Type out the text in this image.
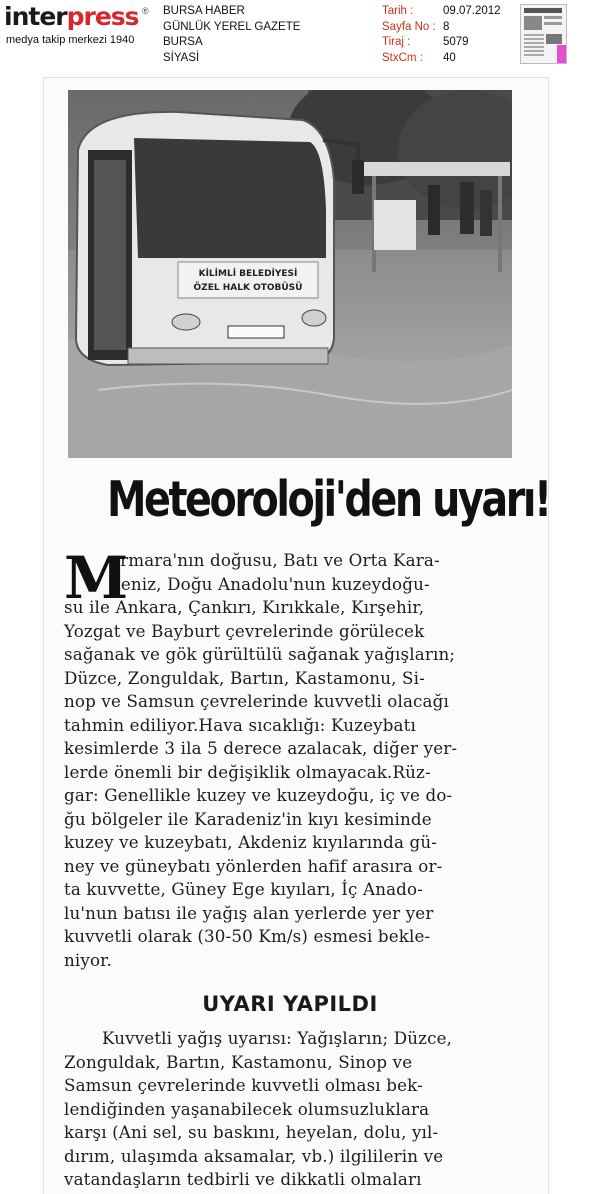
interpress ®
medya takip merkezi 1940
BURSA HABER
GÜNLÜK YEREL GAZETE
BURSA
SİYASİ
Tarih :
Sayfa No :
Tiraj :
StxCm :
09.07.2012
8
5079
40
KİLİMLİ BELEDİYESİ
ÖZEL HALK OTOBÜSÜ
Meteoroloji'den uyarı!
M
armara'nın doğusu, Batı ve Orta Kara-
deniz, Doğu Anadolu'nun kuzeydoğu-
su ile Ankara, Çankırı, Kırıkkale, Kırşehir,
Yozgat ve Bayburt çevrelerinde görülecek
sağanak ve gök gürültülü sağanak yağışların;
Düzce, Zonguldak, Bartın, Kastamonu, Si-
nop ve Samsun çevrelerinde kuvvetli olacağı
tahmin ediliyor.Hava sıcaklığı: Kuzeybatı
kesimlerde 3 ila 5 derece azalacak, diğer yer-
lerde önemli bir değişiklik olmayacak.Rüz-
gar: Genellikle kuzey ve kuzeydoğu, iç ve do-
ğu bölgeler ile Karadeniz'in kıyı kesiminde
kuzey ve kuzeybatı, Akdeniz kıyılarında gü-
ney ve güneybatı yönlerden hafif arasıra or-
ta kuvvette, Güney Ege kıyıları, İç Anado-
lu'nun batısı ile yağış alan yerlerde yer yer
kuvvetli olarak (30-50 Km/s) esmesi bekle-
niyor.
UYARI YAPILDI
Kuvvetli yağış uyarısı: Yağışların; Düzce,
Zonguldak, Bartın, Kastamonu, Sinop ve
Samsun çevrelerinde kuvvetli olması bek-
lendiğinden yaşanabilecek olumsuzluklara
karşı (Ani sel, su baskını, heyelan, dolu, yıl-
dırım, ulaşımda aksamalar, vb.) ilgililerin ve
vatandaşların tedbirli ve dikkatli olmaları
